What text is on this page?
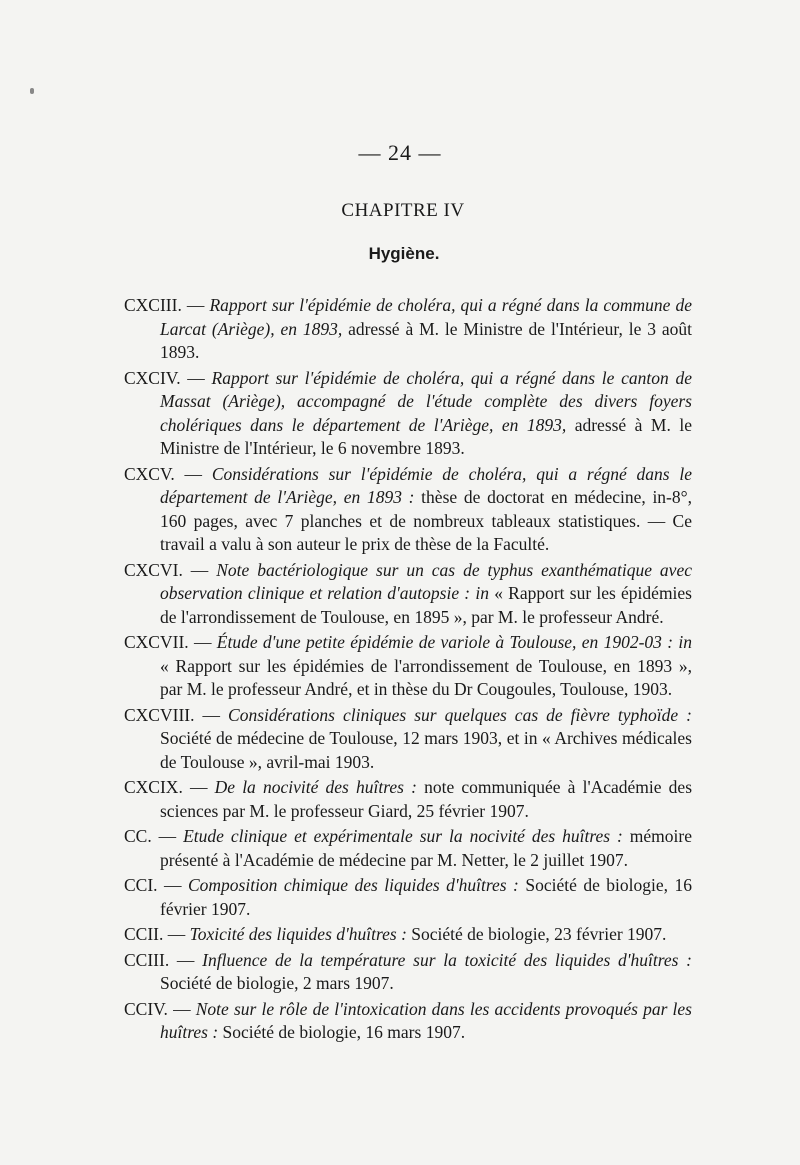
— 24 —
CHAPITRE IV
Hygiène.

CXCIII. — Rapport sur l'épidémie de choléra, qui a régné dans la commune de Larcat (Ariège), en 1893, adressé à M. le Ministre de l'Intérieur, le 3 août 1893.

CXCIV. — Rapport sur l'épidémie de choléra, qui a régné dans le canton de Massat (Ariège), accompagné de l'étude complète des divers foyers cholériques dans le département de l'Ariège, en 1893, adressé à M. le Ministre de l'Intérieur, le 6 novembre 1893.

CXCV. — Considérations sur l'épidémie de choléra, qui a régné dans le département de l'Ariège, en 1893 : thèse de doctorat en médecine, in-8°, 160 pages, avec 7 planches et de nombreux tableaux statistiques. — Ce travail a valu à son auteur le prix de thèse de la Faculté.

CXCVI. — Note bactériologique sur un cas de typhus exanthématique avec observation clinique et relation d'autopsie : in « Rapport sur les épidémies de l'arrondissement de Toulouse, en 1895 », par M. le professeur André.

CXCVII. — Étude d'une petite épidémie de variole à Toulouse, en 1902-03 : in « Rapport sur les épidémies de l'arrondissement de Toulouse, en 1893 », par M. le professeur André, et in thèse du Dr Cougoules, Toulouse, 1903.

CXCVIII. — Considérations cliniques sur quelques cas de fièvre typhoïde : Société de médecine de Toulouse, 12 mars 1903, et in « Archives médicales de Toulouse », avril-mai 1903.

CXCIX. — De la nocivité des huîtres : note communiquée à l'Académie des sciences par M. le professeur Giard, 25 février 1907.

CC. — Etude clinique et expérimentale sur la nocivité des huîtres : mémoire présenté à l'Académie de médecine par M. Netter, le 2 juillet 1907.

CCI. — Composition chimique des liquides d'huîtres : Société de biologie, 16 février 1907.

CCII. — Toxicité des liquides d'huîtres : Société de biologie, 23 février 1907.

CCIII. — Influence de la température sur la toxicité des liquides d'huîtres : Société de biologie, 2 mars 1907.

CCIV. — Note sur le rôle de l'intoxication dans les accidents provoqués par les huîtres : Société de biologie, 16 mars 1907.
